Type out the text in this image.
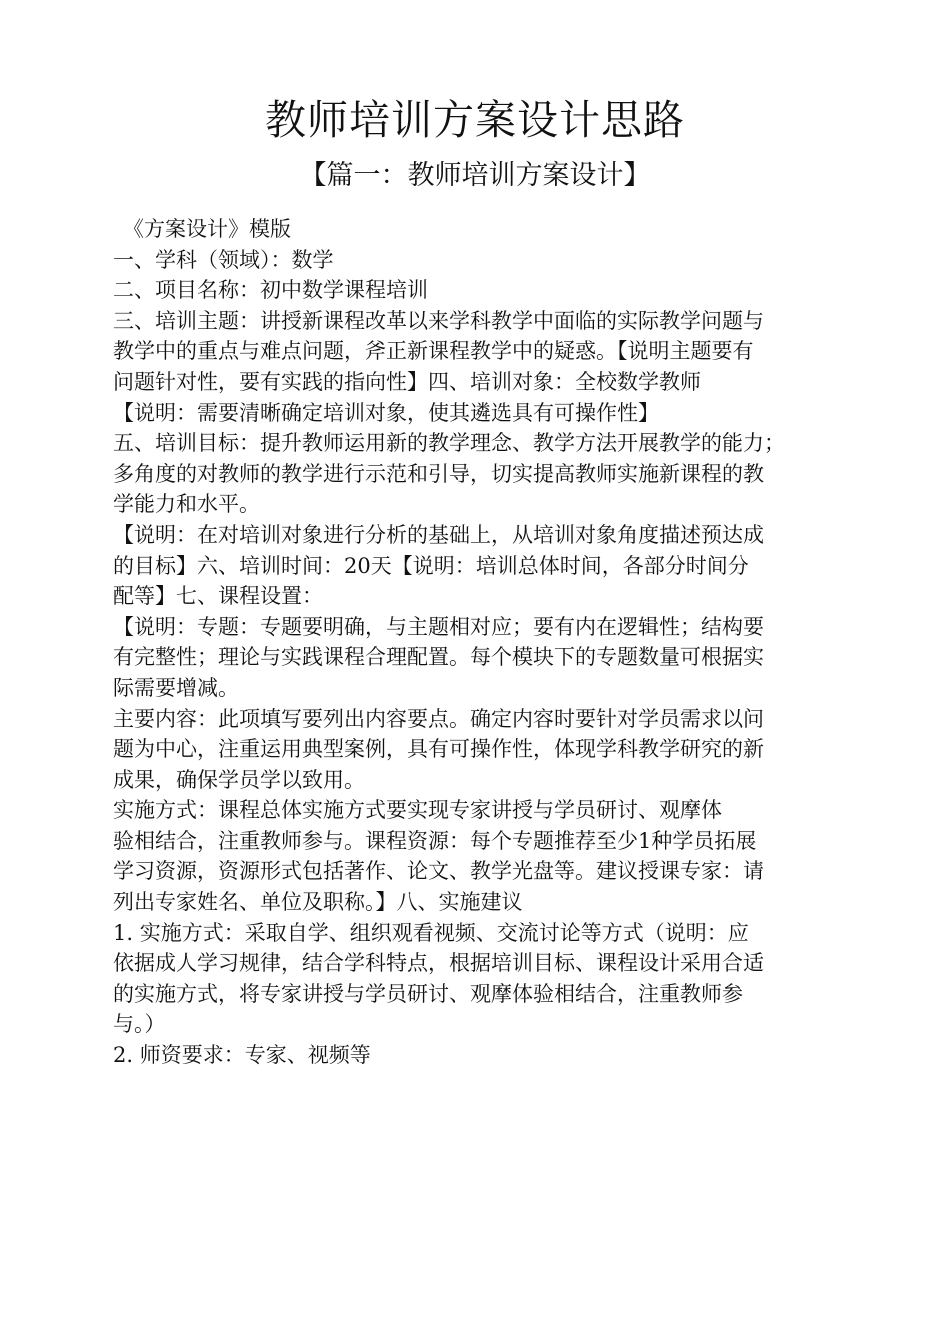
教师培训方案设计思路
【篇一：教师培训方案设计】
《方案设计》模版
一、学科（领域）：数学
二、项目名称：初中数学课程培训
三、培训主题：讲授新课程改革以来学科教学中面临的实际教学问题与
教学中的重点与难点问题，斧正新课程教学中的疑惑。【说明主题要有
问题针对性，要有实践的指向性】四、培训对象：全校数学教师
【说明：需要清晰确定培训对象，使其遴选具有可操作性】
五、培训目标：提升教师运用新的教学理念、教学方法开展教学的能力；
多角度的对教师的教学进行示范和引导，切实提高教师实施新课程的教
学能力和水平。
【说明：在对培训对象进行分析的基础上，从培训对象角度描述预达成
的目标】六、培训时间：20天【说明：培训总体时间，各部分时间分
配等】七、课程设置：
【说明：专题：专题要明确，与主题相对应；要有内在逻辑性；结构要
有完整性；理论与实践课程合理配置。每个模块下的专题数量可根据实
际需要增减。
主要内容：此项填写要列出内容要点。确定内容时要针对学员需求以问
题为中心，注重运用典型案例，具有可操作性，体现学科教学研究的新
成果，确保学员学以致用。
实施方式：课程总体实施方式要实现专家讲授与学员研讨、观摩体
验相结合，注重教师参与。课程资源：每个专题推荐至少1种学员拓展
学习资源，资源形式包括著作、论文、教学光盘等。建议授课专家：请
列出专家姓名、单位及职称。】八、实施建议
1. 实施方式：采取自学、组织观看视频、交流讨论等方式（说明：应
依据成人学习规律，结合学科特点，根据培训目标、课程设计采用合适
的实施方式，将专家讲授与学员研讨、观摩体验相结合，注重教师参
与。）
2. 师资要求：专家、视频等
